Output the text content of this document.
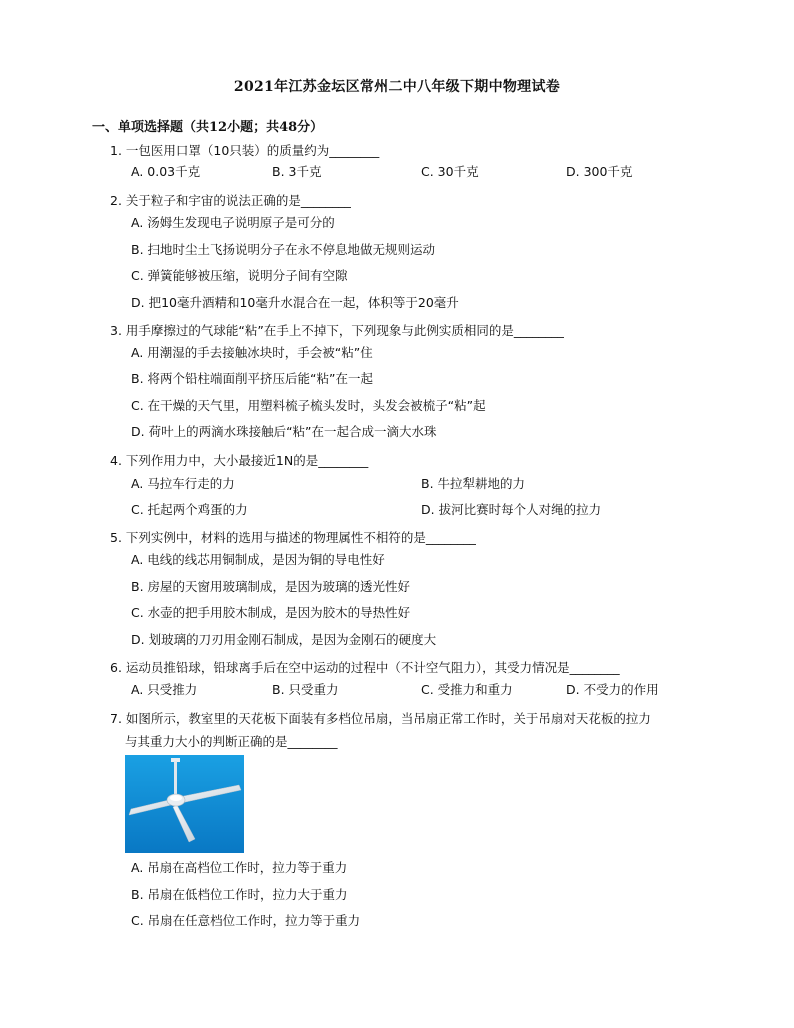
2021年江苏金坛区常州二中八年级下期中物理试卷
一、单项选择题（共12小题；共48分）
1. 一包医用口罩（10只装）的质量约为________
A. 0.03千克	B. 3千克	C. 30千克	D. 300千克
2. 关于粒子和宇宙的说法正确的是________
A. 汤姆生发现电子说明原子是可分的
B. 扫地时尘土飞扬说明分子在永不停息地做无规则运动
C. 弹簧能够被压缩，说明分子间有空隙
D. 把10毫升酒精和10毫升水混合在一起，体积等于20毫升
3. 用手摩擦过的气球能“粘”在手上不掉下，下列现象与此例实质相同的是________
A. 用潮湿的手去接触冰块时，手会被“粘”住
B. 将两个铅柱端面削平挤压后能“粘”在一起
C. 在干燥的天气里，用塑料梳子梳头发时，头发会被梳子“粘”起
D. 荷叶上的两滴水珠接触后“粘”在一起合成一滴大水珠
4. 下列作用力中，大小最接近1N的是________
A. 马拉车行走的力	B. 牛拉犁耕地的力
C. 托起两个鸡蛋的力	D. 拔河比赛时每个人对绳的拉力
5. 下列实例中，材料的选用与描述的物理属性不相符的是________
A. 电线的线芯用铜制成，是因为铜的导电性好
B. 房屋的天窗用玻璃制成，是因为玻璃的透光性好
C. 水壶的把手用胶木制成，是因为胶木的导热性好
D. 划玻璃的刀刃用金刚石制成，是因为金刚石的硬度大
6. 运动员推铅球，铅球离手后在空中运动的过程中（不计空气阻力），其受力情况是________
A. 只受推力	B. 只受重力	C. 受推力和重力	D. 不受力的作用
7. 如图所示，教室里的天花板下面装有多档位吊扇，当吊扇正常工作时，关于吊扇对天花板的拉力
与其重力大小的判断正确的是________
A. 吊扇在高档位工作时，拉力等于重力
B. 吊扇在低档位工作时，拉力大于重力
C. 吊扇在任意档位工作时，拉力等于重力
